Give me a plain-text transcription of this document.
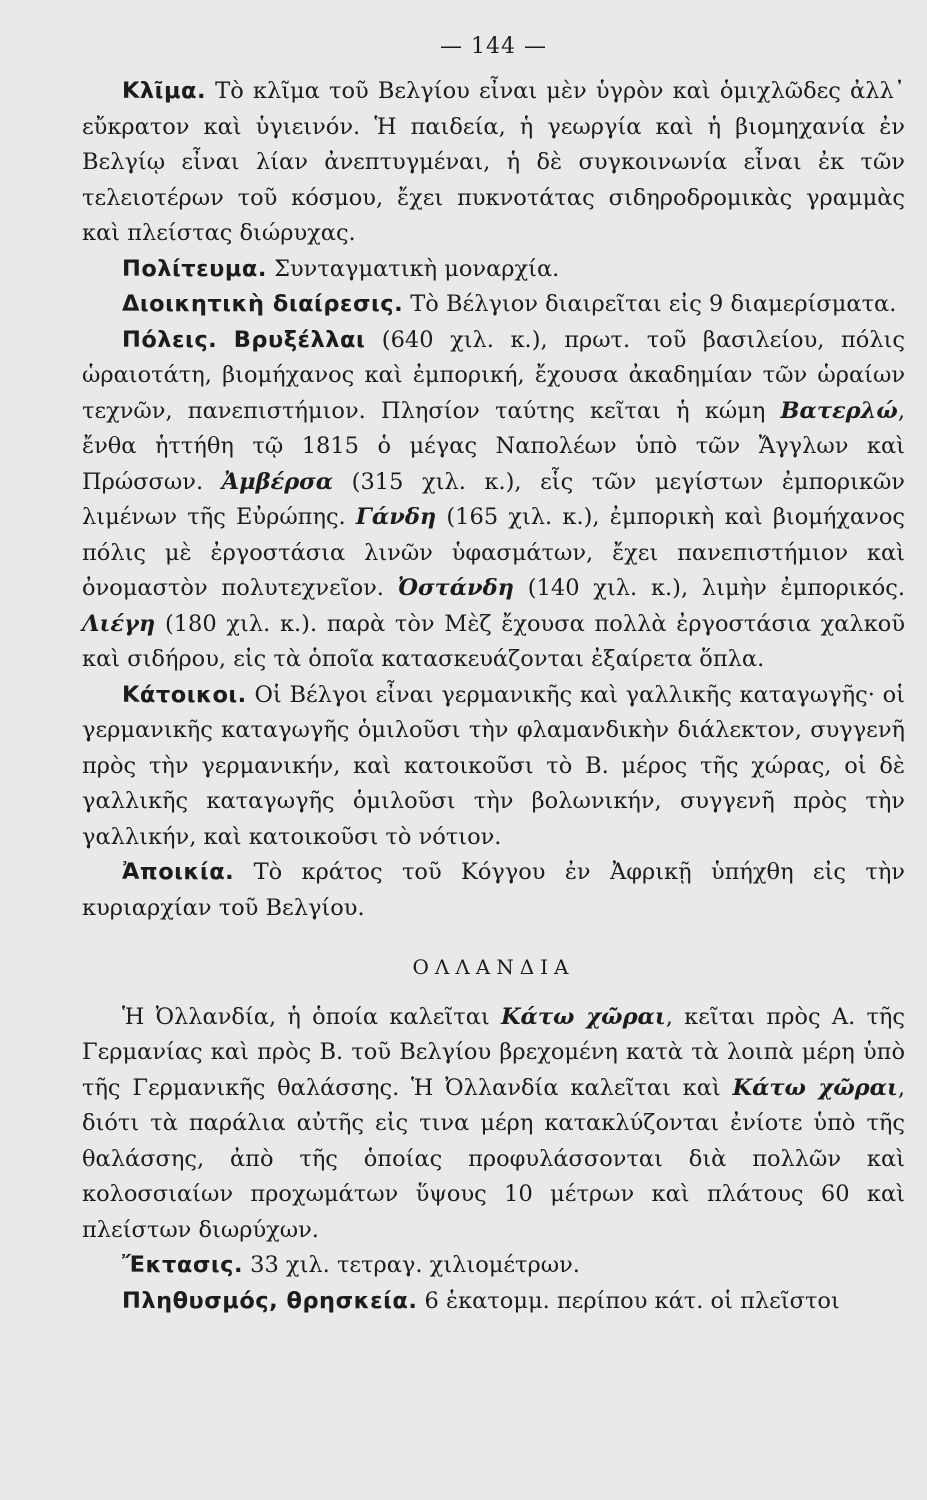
— 144 —

Κλῖμα. Τὸ κλῖμα τοῦ Βελγίου εἶναι μὲν ὑγρὸν καὶ ὁμιχλῶδες ἀλλ᾽ εὔκρατον καὶ ὑγιεινόν. Ἡ παιδεία, ἡ γεωργία καὶ ἡ βιομηχανία ἐν Βελγίῳ εἶναι λίαν ἀνεπτυγμέναι, ἡ δὲ συγκοινωνία εἶναι ἐκ τῶν τελειοτέρων τοῦ κόσμου, ἔχει πυκνοτάτας σιδηροδρομικὰς γραμμὰς καὶ πλείστας διώρυχας.

Πολίτευμα. Συνταγματικὴ μοναρχία.

Διοικητικὴ διαίρεσις. Τὸ Βέλγιον διαιρεῖται εἰς 9 διαμερίσματα.

Πόλεις. Βρυξέλλαι (640 χιλ. κ.), πρωτ. τοῦ βασιλείου, πόλις ὡραιοτάτη, βιομήχανος καὶ ἐμπορική, ἔχουσα ἀκαδημίαν τῶν ὡραίων τεχνῶν, πανεπιστήμιον. Πλησίον ταύτης κεῖται ἡ κώμη Βατερλώ, ἔνθα ἡττήθη τῷ 1815 ὁ μέγας Ναπολέων ὑπὸ τῶν Ἄγγλων καὶ Πρώσσων. Ἀμβέρσα (315 χιλ. κ.), εἷς τῶν μεγίστων ἐμπορικῶν λιμένων τῆς Εὐρώπης. Γάνδη (165 χιλ. κ.), ἐμπορικὴ καὶ βιομήχανος πόλις μὲ ἐργοστάσια λινῶν ὑφασμάτων, ἔχει πανεπιστήμιον καὶ ὀνομαστὸν πολυτεχνεῖον. Ὀστάνδη (140 χιλ. κ.), λιμὴν ἐμπορικός. Λιέγη (180 χιλ. κ.). παρὰ τὸν Μὲζ ἔχουσα πολλὰ ἐργοστάσια χαλκοῦ καὶ σιδήρου, εἰς τὰ ὁποῖα κατασκευάζονται ἐξαίρετα ὅπλα.

Κάτοικοι. Οἱ Βέλγοι εἶναι γερμανικῆς καὶ γαλλικῆς καταγωγῆς· οἱ γερμανικῆς καταγωγῆς ὁμιλοῦσι τὴν φλαμανδικὴν διάλεκτον, συγγενῆ πρὸς τὴν γερμανικήν, καὶ κατοικοῦσι τὸ Β. μέρος τῆς χώρας, οἱ δὲ γαλλικῆς καταγωγῆς ὁμιλοῦσι τὴν βολωνικήν, συγγενῆ πρὸς τὴν γαλλικήν, καὶ κατοικοῦσι τὸ νότιον.

Ἀποικία. Τὸ κράτος τοῦ Κόγγου ἐν Ἀφρικῇ ὑπήχθη εἰς τὴν κυριαρχίαν τοῦ Βελγίου.

ΟΛΛΑΝΔΙΑ

Ἡ Ὀλλανδία, ἡ ὁποία καλεῖται Κάτω χῶραι, κεῖται πρὸς Α. τῆς Γερμανίας καὶ πρὸς Β. τοῦ Βελγίου βρεχομένη κατὰ τὰ λοιπὰ μέρη ὑπὸ τῆς Γερμανικῆς θαλάσσης. Ἡ Ὀλλανδία καλεῖται καὶ Κάτω χῶραι, διότι τὰ παράλια αὐτῆς εἰς τινα μέρη κατακλύζονται ἐνίοτε ὑπὸ τῆς θαλάσσης, ἀπὸ τῆς ὁποίας προφυλάσσονται διὰ πολλῶν καὶ κολοσσιαίων προχωμάτων ὕψους 10 μέτρων καὶ πλάτους 60 καὶ πλείστων διωρύχων.

Ἔκτασις. 33 χιλ. τετραγ. χιλιομέτρων.

Πληθυσμός, θρησκεία. 6 ἑκατομμ. περίπου κάτ. οἱ πλεῖστοι
